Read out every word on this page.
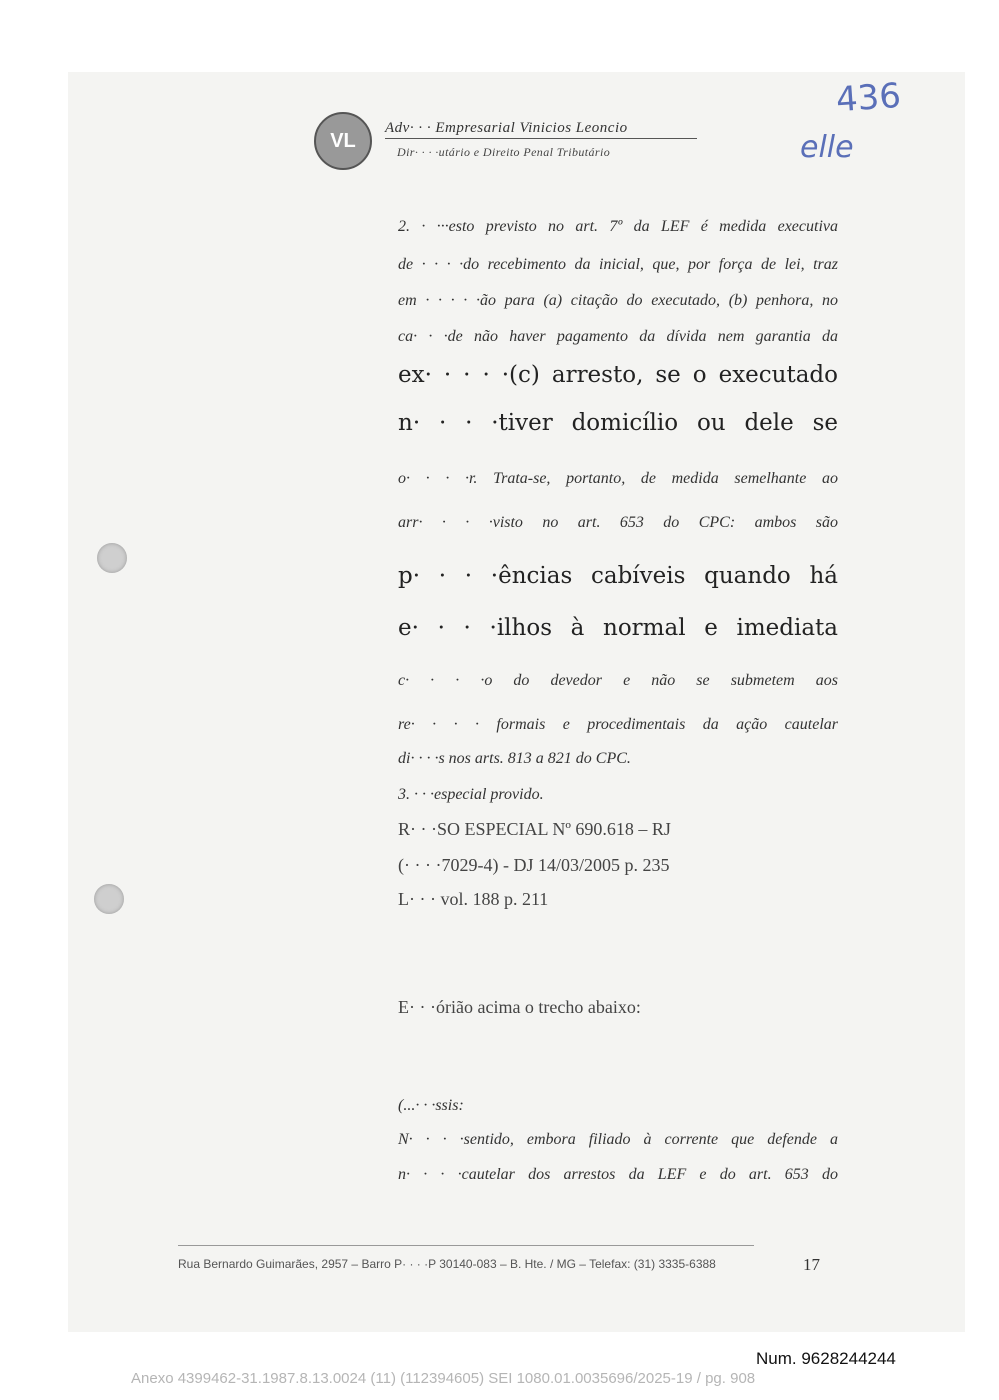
VL
Adv· · · Empresarial Vinicios Leoncio
Dir· · · ·utário e Direito Penal Tributário
436
elle
2. · ···esto previsto no art. 7º da LEF é medida executiva
de · · · ·do recebimento da inicial, que, por força de lei, traz
em · · · · ·ão para (a) citação do executado, (b) penhora, no
ca· · ·de não haver pagamento da dívida nem garantia da
ex· · · · ·(c) arresto, se o executado
n· · · ·tiver domicílio ou dele se
o· · · ·r. Trata-se, portanto, de medida semelhante ao
arr· · · ·visto no art. 653 do CPC: ambos são
p· · · ·ências cabíveis quando há
e· · · ·ilhos à normal e imediata
c· · · ·o do devedor e não se submetem aos
re· · · · formais e procedimentais da ação cautelar
di· · · ·s nos arts. 813 a 821 do CPC.
3. · · ·especial provido.
R· · ·SO ESPECIAL Nº 690.618 – RJ
(· · · ·7029-4) - DJ 14/03/2005 p. 235
L· · · vol. 188 p. 211
E· · ·órião acima o trecho abaixo:
(...· · ·ssis:
N· · · ·sentido, embora filiado à corrente que defende a
n· · · ·cautelar dos arrestos da LEF e do art. 653 do
Rua Bernardo Guimarães, 2957 – Barro P· · · ·P 30140-083 – B. Hte. / MG – Telefax: (31) 3335-6388	17
Num. 9628244244
Anexo 4399462-31.1987.8.13.0024 (11) (112394605) SEI 1080.01.0035696/2025-19 / pg. 908
